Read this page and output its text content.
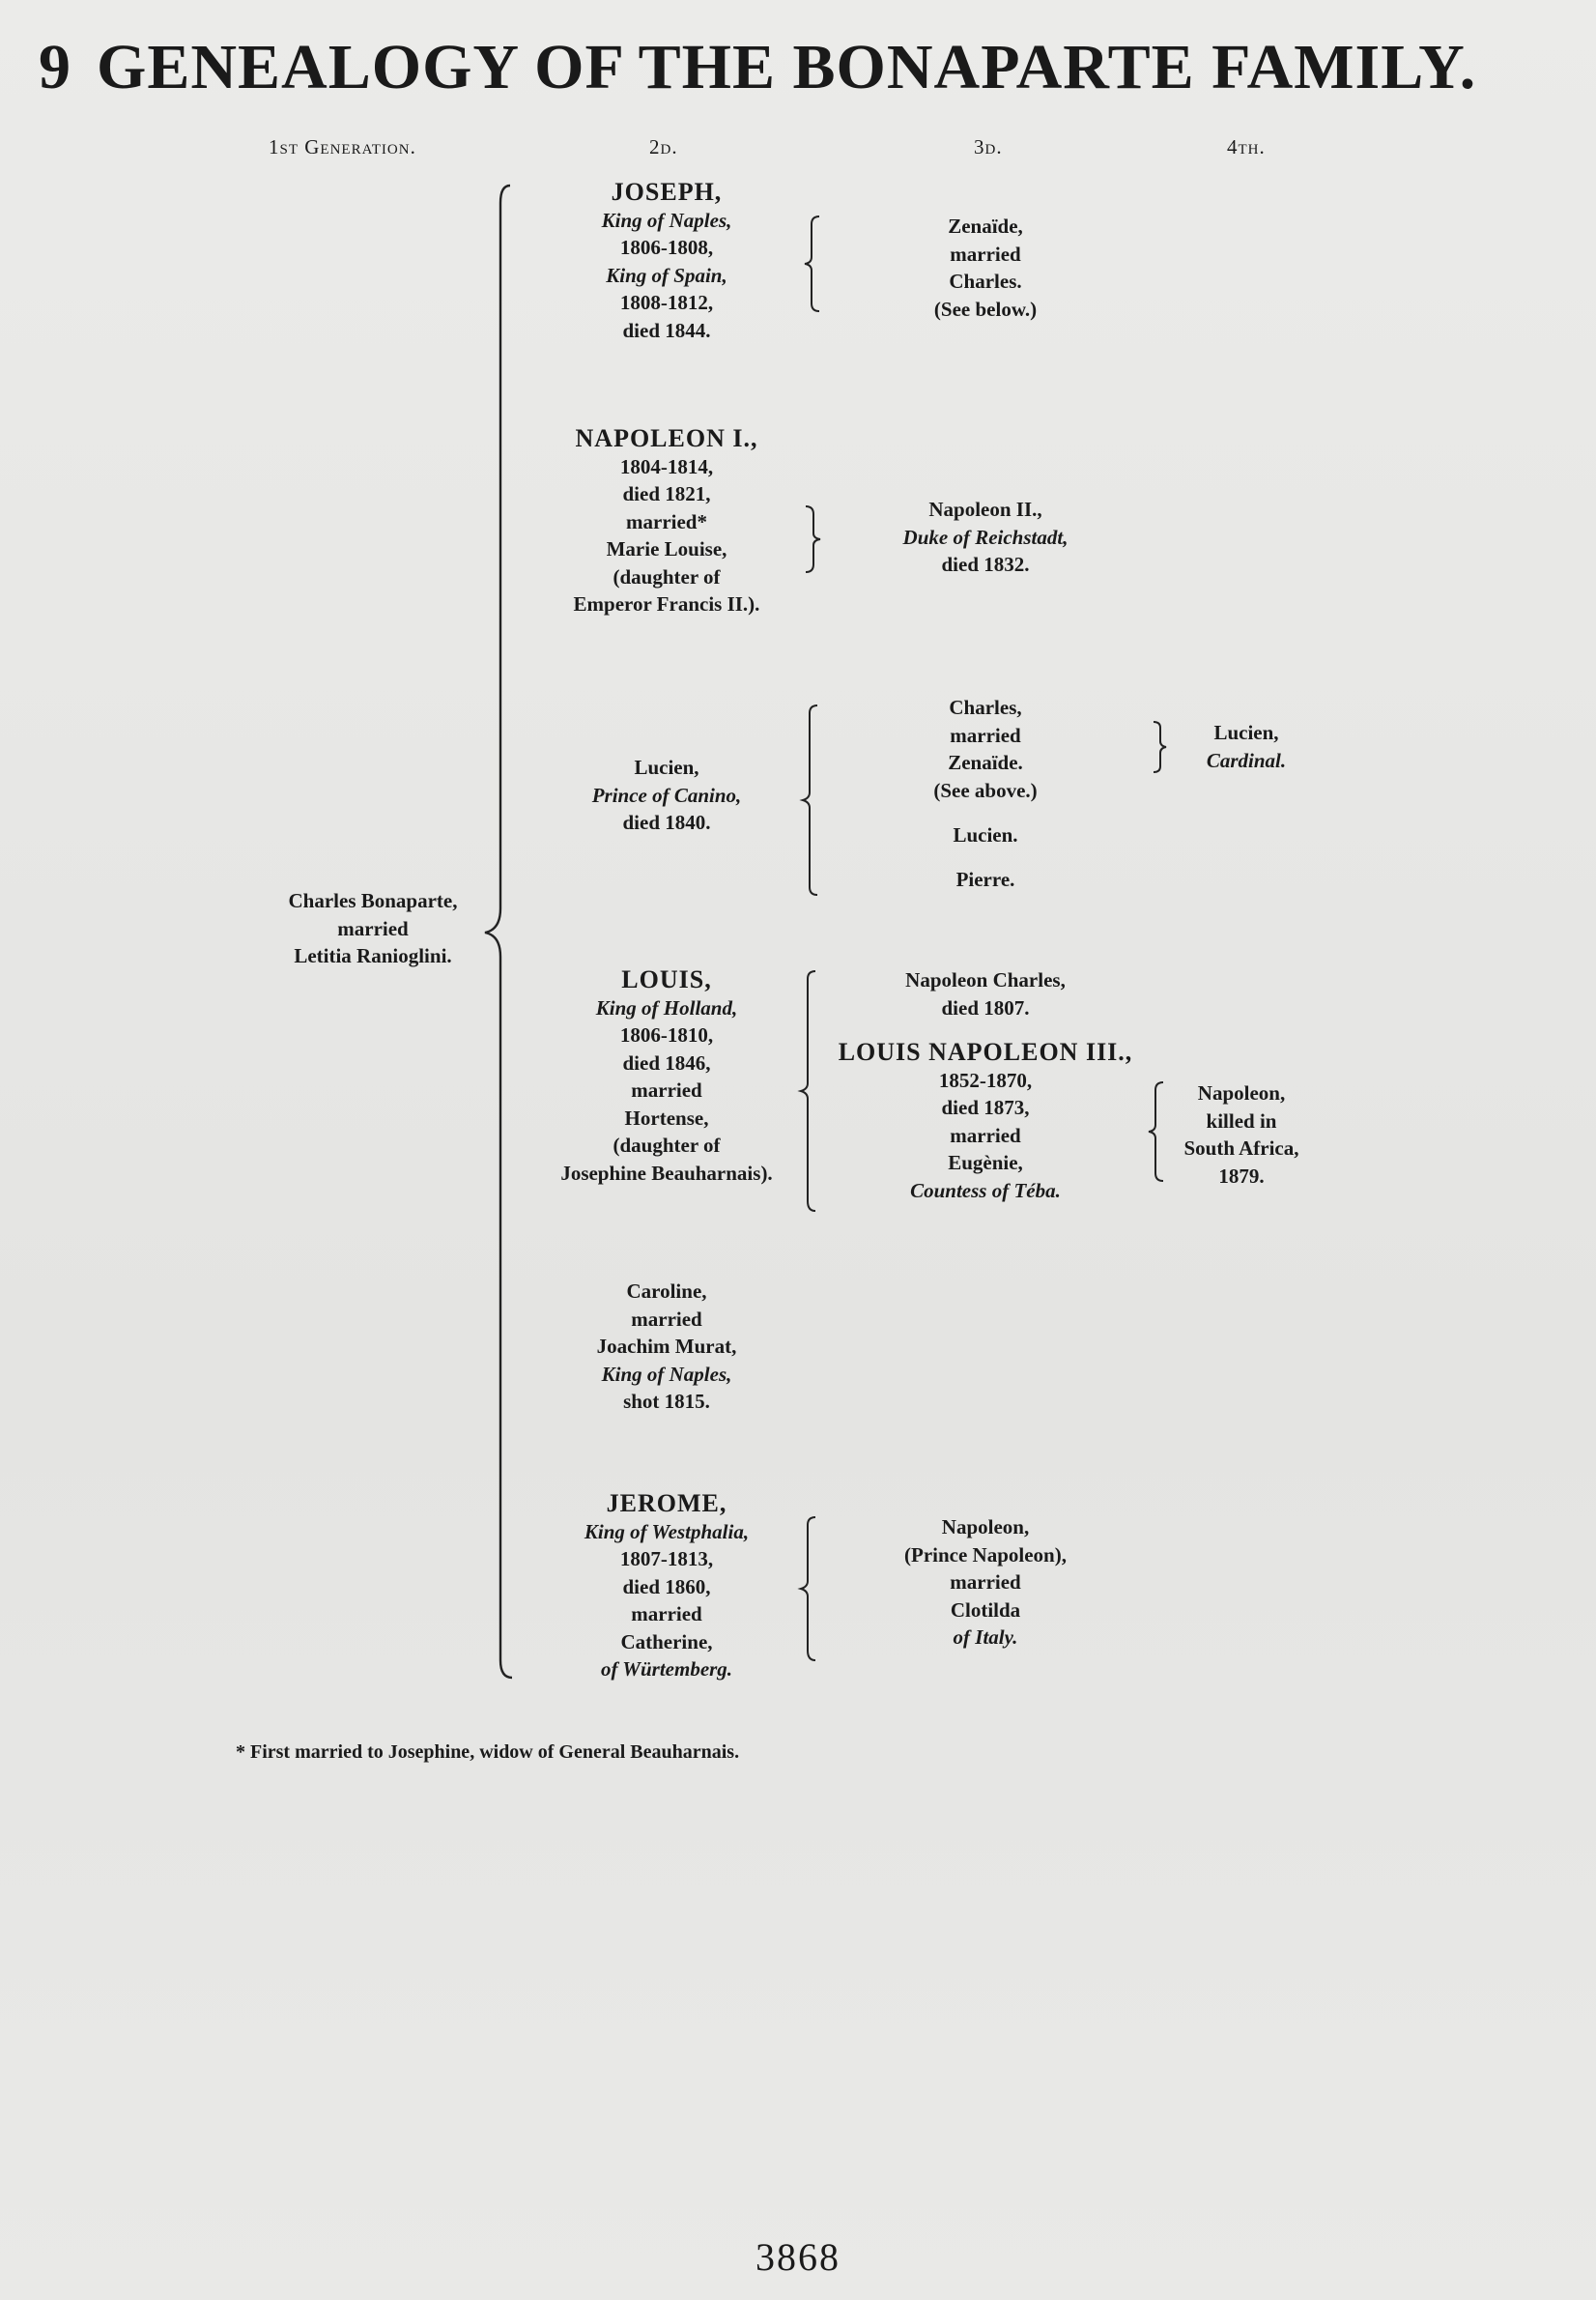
9 GENEALOGY OF THE BONAPARTE FAMILY.
1st Generation.	2d.	3d.	4th.
Charles Bonaparte,
married
Letitia Ranioglini.
JOSEPH,
King of Naples,
1806-1808,
King of Spain,
1808-1812,
died 1844.
NAPOLEON I.,
1804-1814,
died 1821,
married*
Marie Louise,
(daughter of
Emperor Francis II.).
Lucien,
Prince of Canino,
died 1840.
LOUIS,
King of Holland,
1806-1810,
died 1846,
married
Hortense,
(daughter of
Josephine Beauharnais).
Caroline,
married
Joachim Murat,
King of Naples,
shot 1815.
JEROME,
King of Westphalia,
1807-1813,
died 1860,
married
Catherine,
of Würtemberg.
Zenaïde,
married
Charles.
(See below.)
Napoleon II.,
Duke of Reichstadt,
died 1832.
Charles,
married
Zenaïde.
(See above.)
Lucien.
Pierre.
Napoleon Charles,
died 1807.
LOUIS NAPOLEON III.,
1852-1870,
died 1873,
married
Eugènie,
Countess of Téba.
Napoleon,
(Prince Napoleon),
married
Clotilda
of Italy.
Lucien,
Cardinal.
Napoleon,
killed in
South Africa,
1879.
* First married to Josephine, widow of General Beauharnais.
3868
